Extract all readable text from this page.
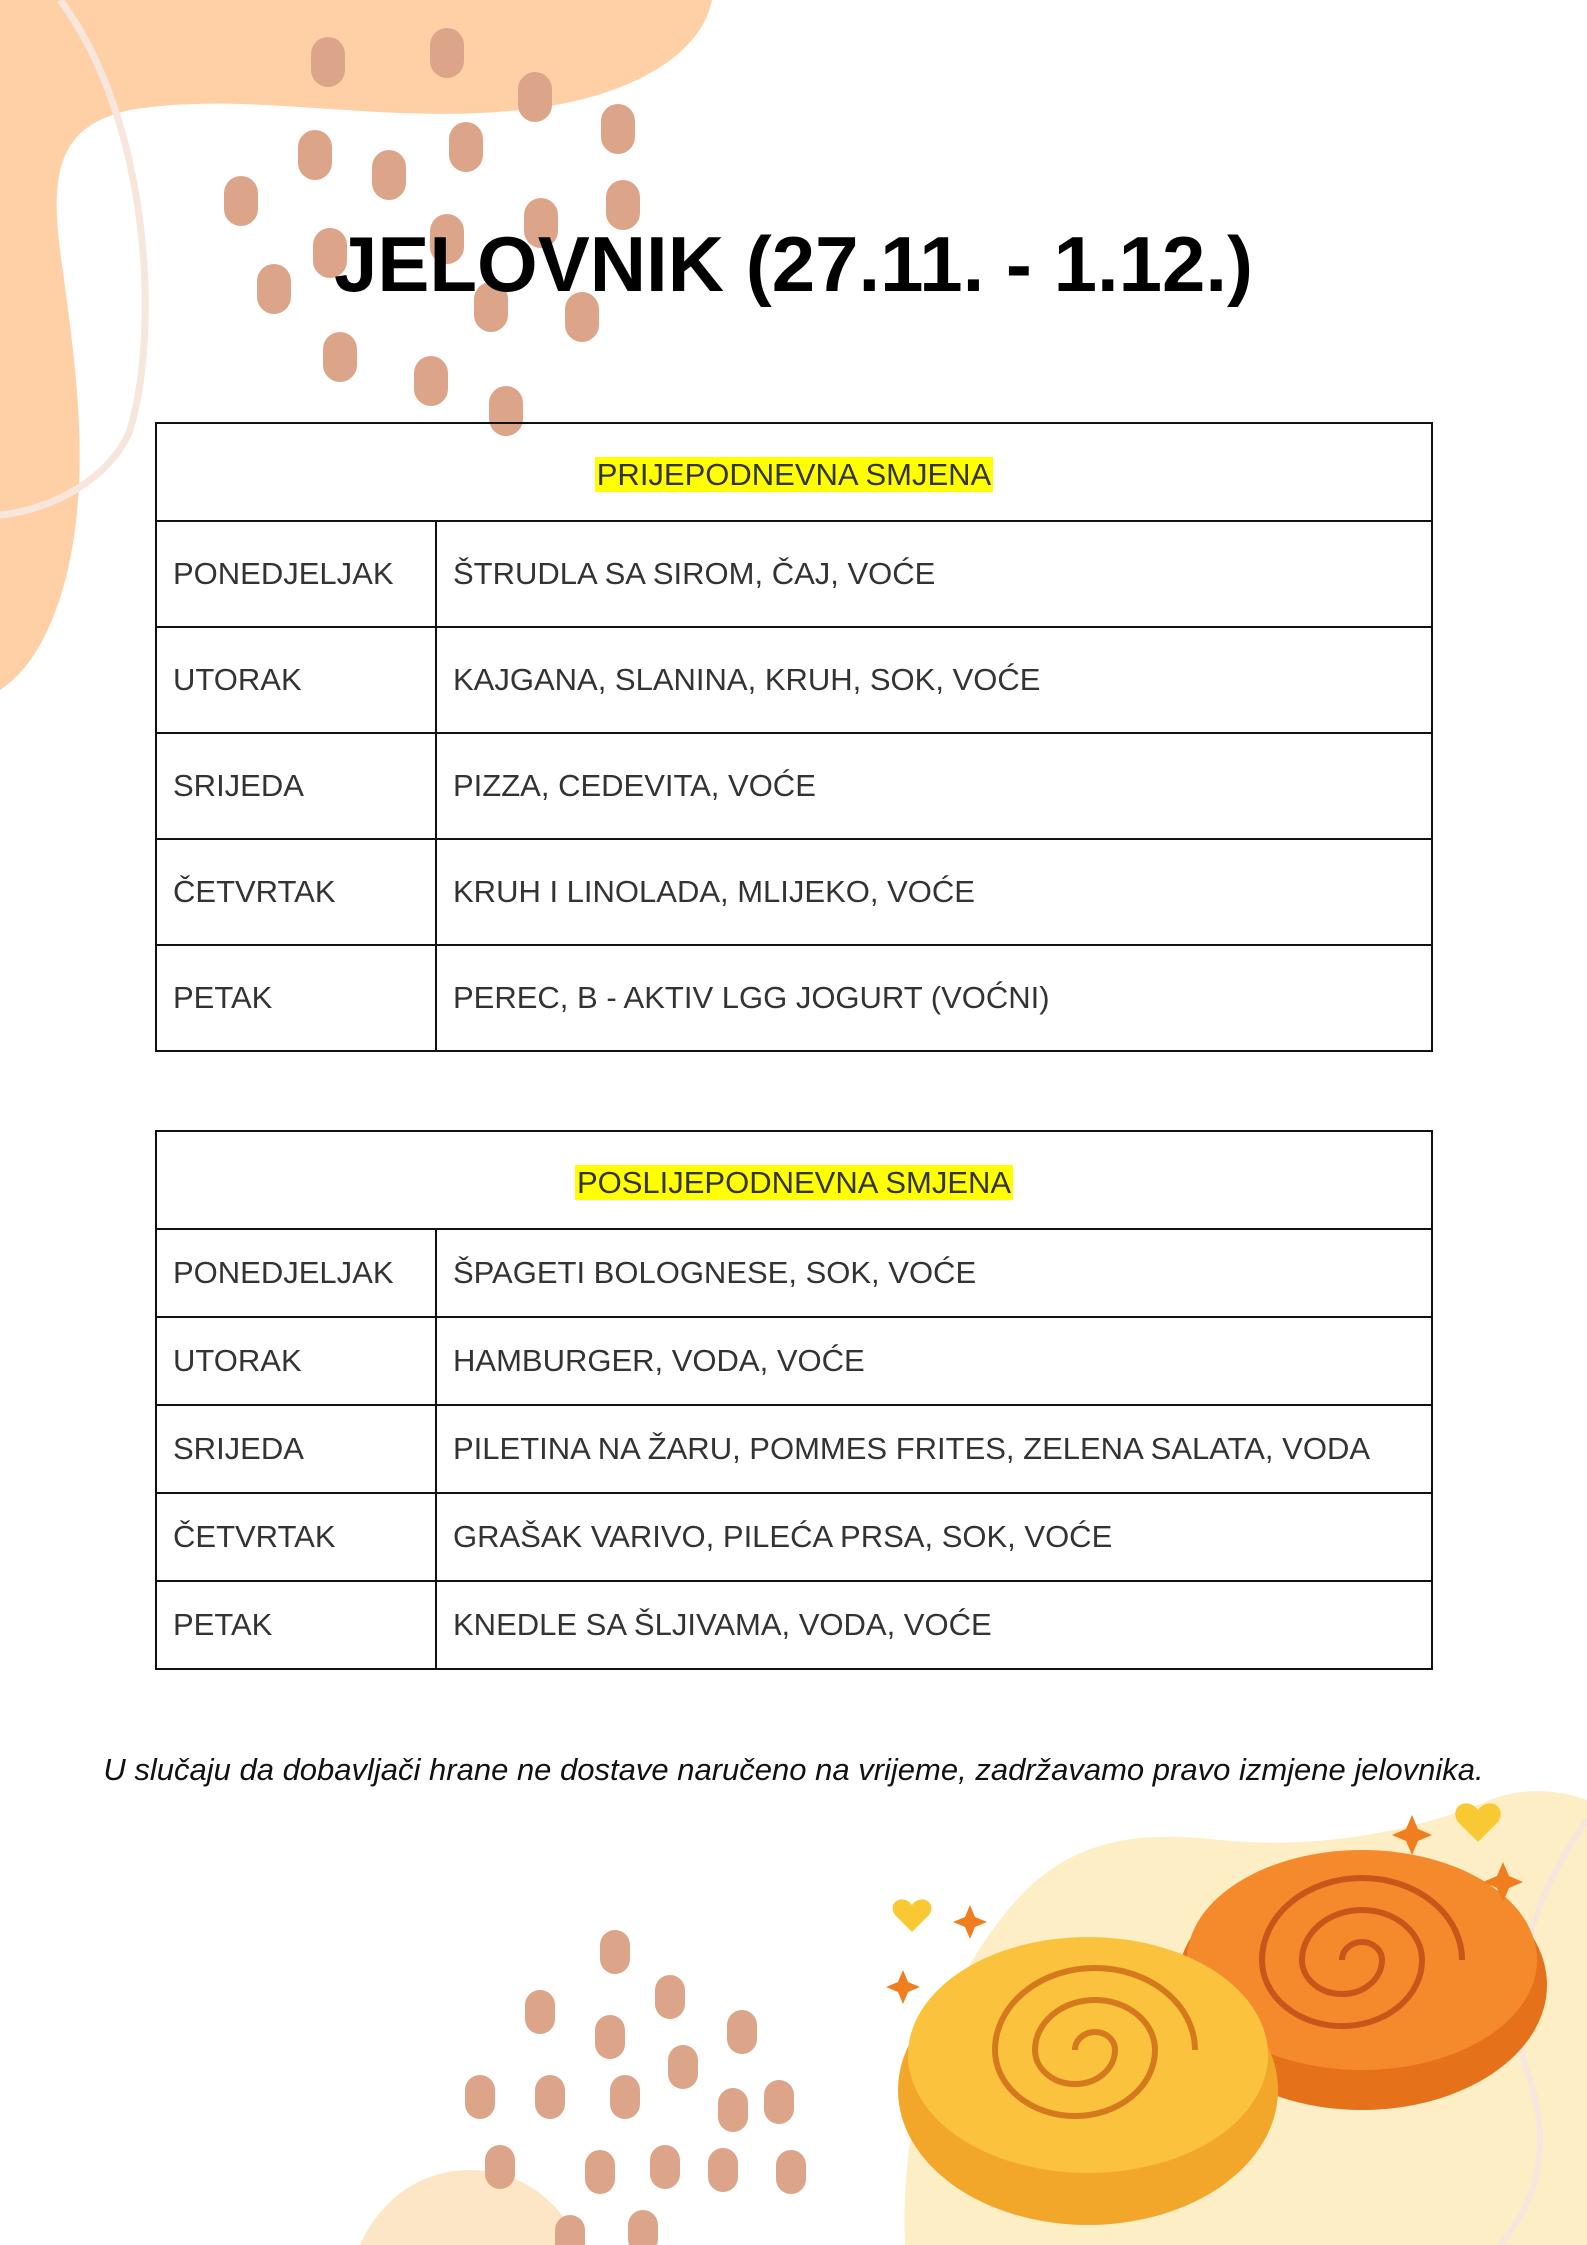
JELOVNIK (27.11. - 1.12.)
PRIJEPODNEVNA SMJENA	
PONEDJELJAK	ŠTRUDLA SA SIROM, ČAJ, VOĆE
UTORAK	KAJGANA, SLANINA, KRUH, SOK, VOĆE
SRIJEDA	PIZZA, CEDEVITA, VOĆE
ČETVRTAK	KRUH I LINOLADA, MLIJEKO, VOĆE
PETAK	PEREC, B - AKTIV LGG JOGURT (VOĆNI)
POSLIJEPODNEVNA SMJENA	
PONEDJELJAK	ŠPAGETI BOLOGNESE, SOK, VOĆE
UTORAK	HAMBURGER, VODA, VOĆE
SRIJEDA	PILETINA NA ŽARU, POMMES FRITES, ZELENA SALATA, VODA
ČETVRTAK	GRAŠAK VARIVO, PILEĆA PRSA, SOK, VOĆE
PETAK	KNEDLE SA ŠLJIVAMA, VODA, VOĆE
U slučaju da dobavljači hrane ne dostave naručeno na vrijeme, zadržavamo pravo izmjene jelovnika.
